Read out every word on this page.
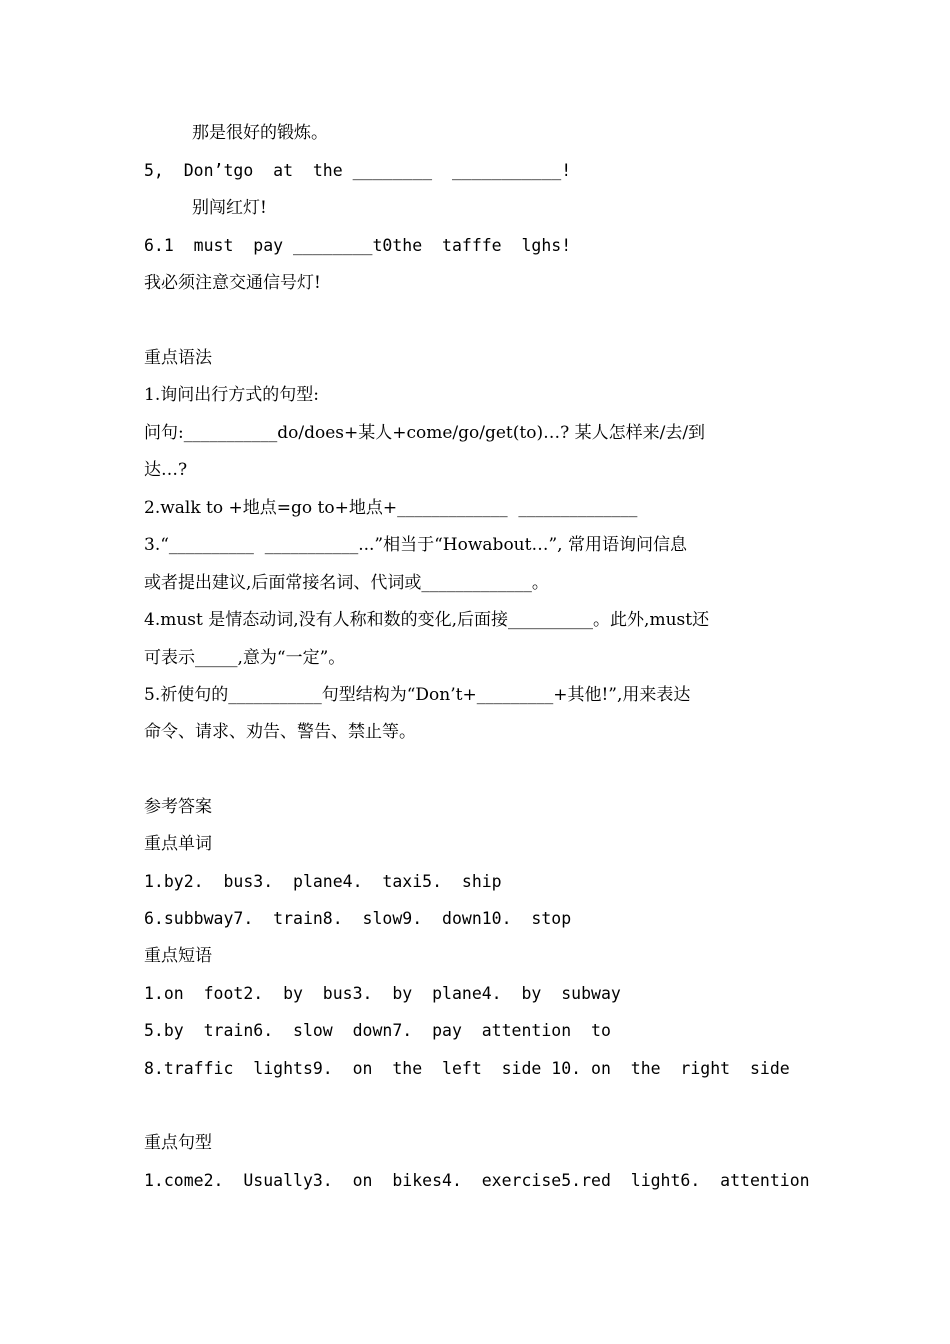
那是很好的锻炼。
5,  Don’tgo  at  the ________  ___________!
别闯红灯!
6.1  must  pay ________t0the  tafffe  lghs!
我必须注意交通信号灯!
重点语法
1.询问出行方式的句型:
问句:___________do/does+某人+come/go/get(to)…? 某人怎样来/去/到
达…?
2.walk to +地点=go to+地点+_____________  ______________
3.“__________  ___________...”相当于“Howabout…”, 常用语询问信息
或者提出建议,后面常接名词、代词或_____________。
4.must 是情态动词,没有人称和数的变化,后面接__________。此外,must还
可表示_____,意为“一定”。
5.祈使句的___________句型结构为“Don’t+_________+其他!”,用来表达
命令、请求、劝告、警告、禁止等。
参考答案
重点单词
1.by2.  bus3.  plane4.  taxi5.  ship
6.subbway7.  train8.  slow9.  down10.  stop
重点短语
1.on  foot2.  by  bus3.  by  plane4.  by  subway
5.by  train6.  slow  down7.  pay  attention  to
8.traffic  lights9.  on  the  left  side 10. on  the  right  side
重点句型
1.come2.  Usually3.  on  bikes4.  exercise5.red  light6.  attention
